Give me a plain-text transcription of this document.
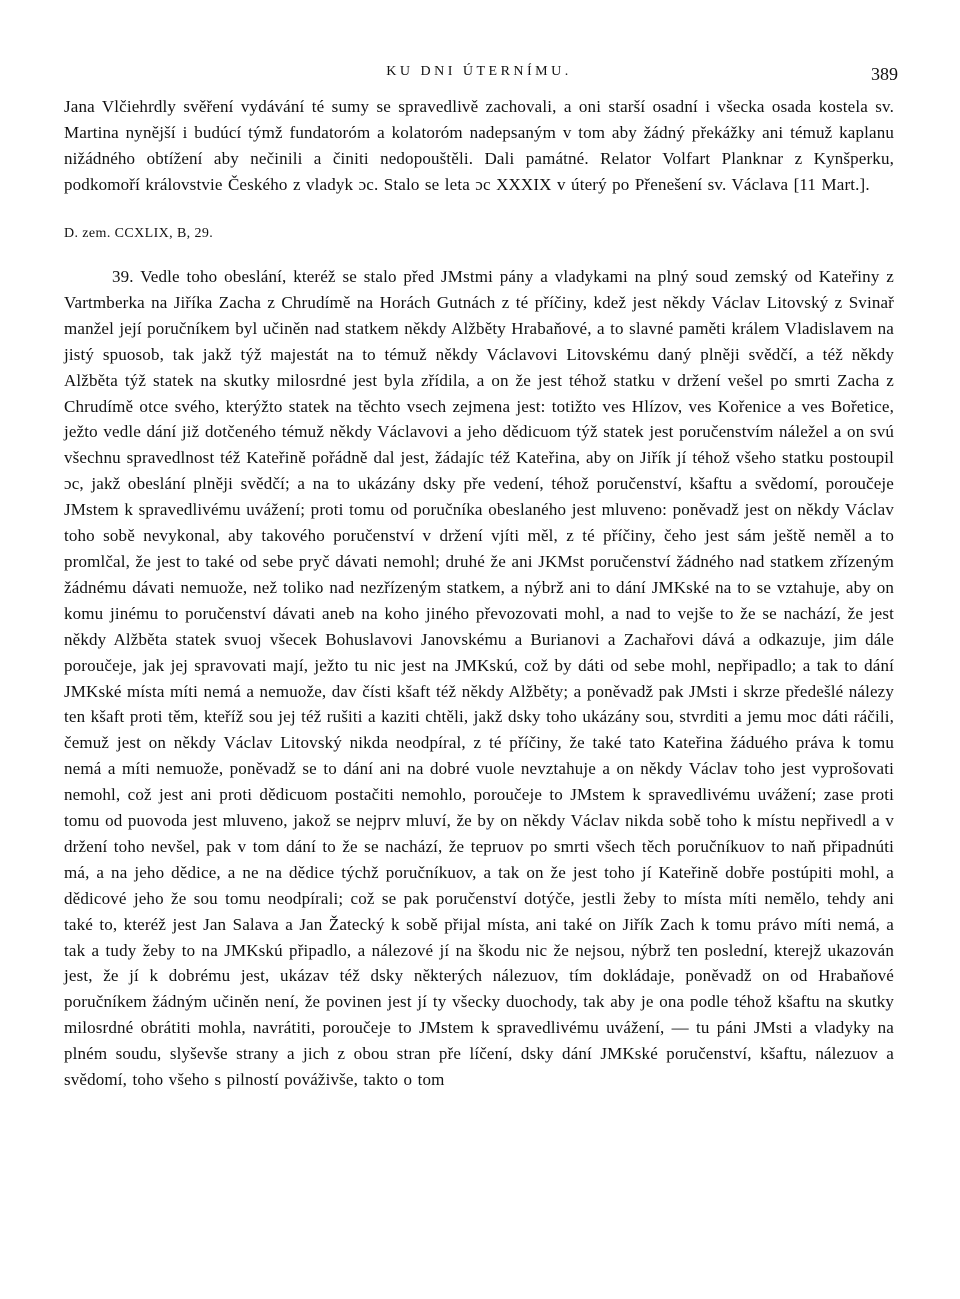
KU DNI ÚTERNÍMU.	389

Jana Vlčiehrdly svěření vydávání té sumy se spravedlivě zachovali, a oni starší osadní i všecka osada kostela sv. Martina nynější i budúcí týmž fundatoróm a kolatoróm nadepsaným v tom aby žádný překážky ani témuž kaplanu nižádného obtížení aby nečinili a činiti nedopouštěli. Dali památné. Relator Volfart Planknar z Kynšperku, podkomoří královstvie Českého z vladyk ɔc. Stalo se leta ɔc XXXIX v úterý po Přenešení sv. Václava [11 Mart.].

D. zem. CCXLIX, B, 29.

39. Vedle toho obeslání, kteréž se stalo před JMstmi pány a vladykami na plný soud zemský od Kateřiny z Vartmberka na Jiříka Zacha z Chrudímě na Horách Gutnách z té příčiny, kdež jest někdy Václav Litovský z Svinař manžel její poručníkem byl učiněn nad statkem někdy Alžběty Hrabaňové, a to slavné paměti králem Vladislavem na jistý spuosob, tak jakž týž majestát na to témuž někdy Václavovi Litovskému daný plněji svědčí, a též někdy Alžběta týž statek na skutky milosrdné jest byla zřídila, a on že jest téhož statku v držení vešel po smrti Zacha z Chrudímě otce svého, kterýžto statek na těchto vsech zejmena jest: totižto ves Hlízov, ves Kořenice a ves Bořetice, ježto vedle dání již dotčeného témuž někdy Václavovi a jeho dědicuom týž statek jest poručenstvím náležel a on svú všechnu spravedlnost též Kateřině pořádně dal jest, žádajíc též Kateřina, aby on Jiřík jí téhož všeho statku postoupil ɔc, jakž obeslání plněji svědčí; a na to ukázány dsky pře vedení, téhož poručenství, kšaftu a svědomí, poroučeje JMstem k spravedlivému uvážení; proti tomu od poručníka obeslaného jest mluveno: poněvadž jest on někdy Václav toho sobě nevykonal, aby takového poručenství v držení vjíti měl, z té příčiny, čeho jest sám ještě neměl a to promlčal, že jest to také od sebe pryč dávati nemohl; druhé že ani JKMst poručenství žádného nad statkem zřízeným žádnému dávati nemuože, než toliko nad nezřízeným statkem, a nýbrž ani to dání JMKské na to se vztahuje, aby on komu jinému to poručenství dávati aneb na koho jiného převozovati mohl, a nad to vejše to že se nachází, že jest někdy Alžběta statek svuoj všecek Bohuslavovi Janovskému a Burianovi a Zachařovi dává a odkazuje, jim dále poroučeje, jak jej spravovati mají, ježto tu nic jest na JMKskú, což by dáti od sebe mohl, nepřipadlo; a tak to dání JMKské místa míti nemá a nemuože, dav čísti kšaft též někdy Alžběty; a poněvadž pak JMsti i skrze předešlé nálezy ten kšaft proti těm, kteříž sou jej též rušiti a kaziti chtěli, jakž dsky toho ukázány sou, stvrditi a jemu moc dáti ráčili, čemuž jest on někdy Václav Litovský nikda neodpíral, z té příčiny, že také tato Kateřina žáduého práva k tomu nemá a míti nemuože, poněvadž se to dání ani na dobré vuole nevztahuje a on někdy Václav toho jest vyprošovati nemohl, což jest ani proti dědicuom postačiti nemohlo, poroučeje to JMstem k spravedlivému uvážení; zase proti tomu od puovoda jest mluveno, jakož se nejprv mluví, že by on někdy Václav nikda sobě toho k místu nepřivedl a v držení toho nevšel, pak v tom dání to že se nachází, že tepruov po smrti všech těch poručníkuov to naň připadnúti má, a na jeho dědice, a ne na dědice týchž poručníkuov, a tak on že jest toho jí Kateřině dobře postúpiti mohl, a dědicové jeho že sou tomu neodpírali; což se pak poručenství dotýče, jestli žeby to místa míti nemělo, tehdy ani také to, kteréž jest Jan Salava a Jan Žatecký k sobě přijal místa, ani také on Jiřík Zach k tomu právo míti nemá, a tak a tudy žeby to na JMKskú připadlo, a nálezové jí na škodu nic že nejsou, nýbrž ten poslední, kterejž ukazován jest, že jí k dobrému jest, ukázav též dsky některých nálezuov, tím dokládaje, poněvadž on od Hrabaňové poručníkem žádným učiněn není, že povinen jest jí ty všecky duochody, tak aby je ona podle téhož kšaftu na skutky milosrdné obrátiti mohla, navrátiti, poroučeje to JMstem k spravedlivému uvážení, — tu páni JMsti a vladyky na plném soudu, slyševše strany a jich z obou stran pře líčení, dsky dání JMKské poručenství, kšaftu, nálezuov a svědomí, toho všeho s pilností pováživše, takto o tom
